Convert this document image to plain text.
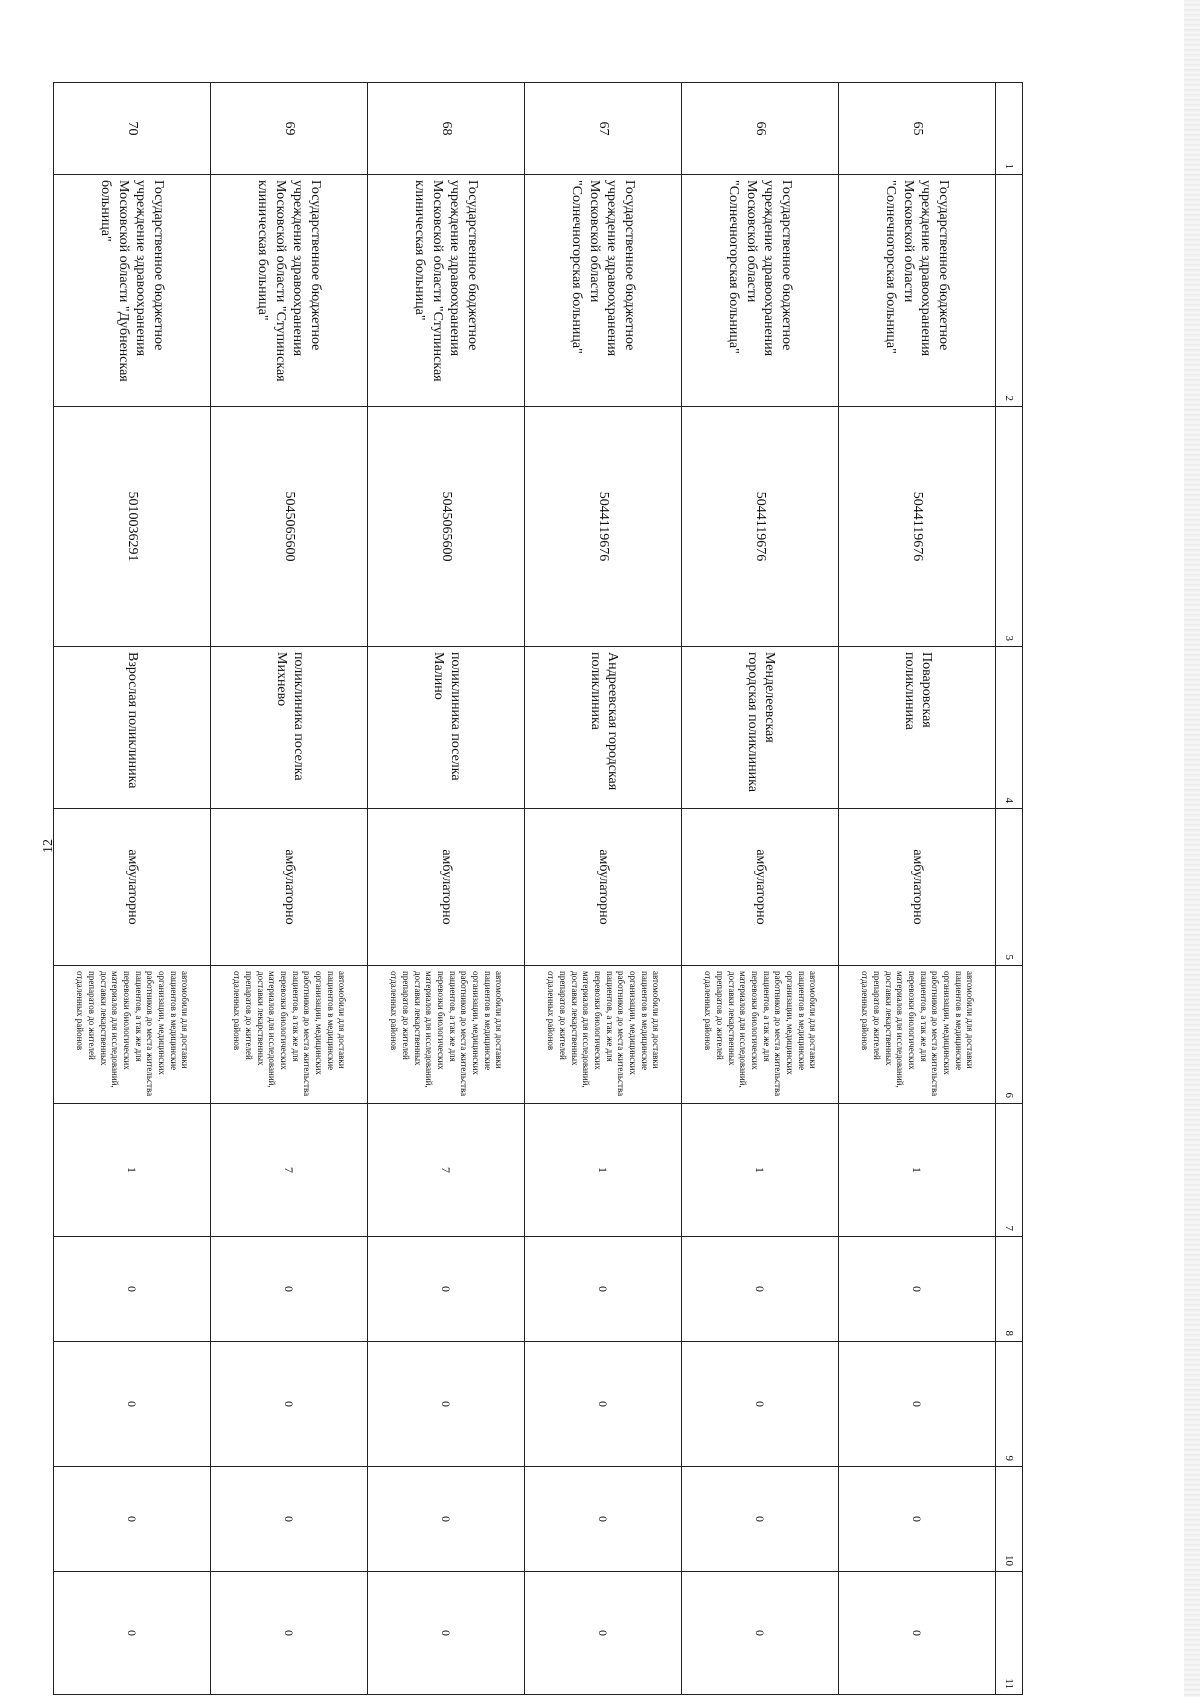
12
1	2	3	4	5	6	7	8	9	10	11
65	Государственное бюджетное учреждение здравоохранения Московской области "Солнечногорская больница"	5044119676	Поваровская поликлиника	амбулаторно	автомобили для доставки пациентов в медицинские организации, медицинских работников до места жительства пациентов, а так же для перевозки биологических материалов для исследований, доставки лекарственных препаратов до жителей отдаленных районов	1	0	0	0	0
66	Государственное бюджетное учреждение здравоохранения Московской области "Солнечногорская больница"	5044119676	Менделеевская городская поликлиника	амбулаторно	автомобили для доставки пациентов в медицинские организации, медицинских работников до места жительства пациентов, а так же для перевозки биологических материалов для исследований, доставки лекарственных препаратов до жителей отдаленных районов	1	0	0	0	0
67	Государственное бюджетное учреждение здравоохранения Московской области "Солнечногорская больница"	5044119676	Андреевская городская поликлиника	амбулаторно	автомобили для доставки пациентов в медицинские организации, медицинских работников до места жительства пациентов, а так же для перевозки биологических материалов для исследований, доставки лекарственных препаратов до жителей отдаленных районов	1	0	0	0	0
68	Государственное бюджетное учреждение здравоохранения Московской области "Ступинская клиническая больница"	5045065600	поликлиника поселка Малино	амбулаторно	автомобили для доставки пациентов в медицинские организации, медицинских работников до места жительства пациентов, а так же для перевозки биологических материалов для исследований, доставки лекарственных препаратов до жителей отдаленных районов	7	0	0	0	0
69	Государственное бюджетное учреждение здравоохранения Московской области "Ступинская клиническая больница"	5045065600	поликлиника поселка Михнево	амбулаторно	автомобили для доставки пациентов в медицинские организации, медицинских работников до места жительства пациентов, а так же для перевозки биологических материалов для исследований, доставки лекарственных препаратов до жителей отдаленных районов	7	0	0	0	0
70	Государственное бюджетное учреждение здравоохранения Московской области "Дубненская больница"	5010036291	Взрослая поликлиника	амбулаторно	автомобили для доставки пациентов в медицинские организации, медицинских работников до места жительства пациентов, а так же для перевозки биологических материалов для исследований, доставки лекарственных препаратов до жителей отдаленных районов	1	0	0	0	0
